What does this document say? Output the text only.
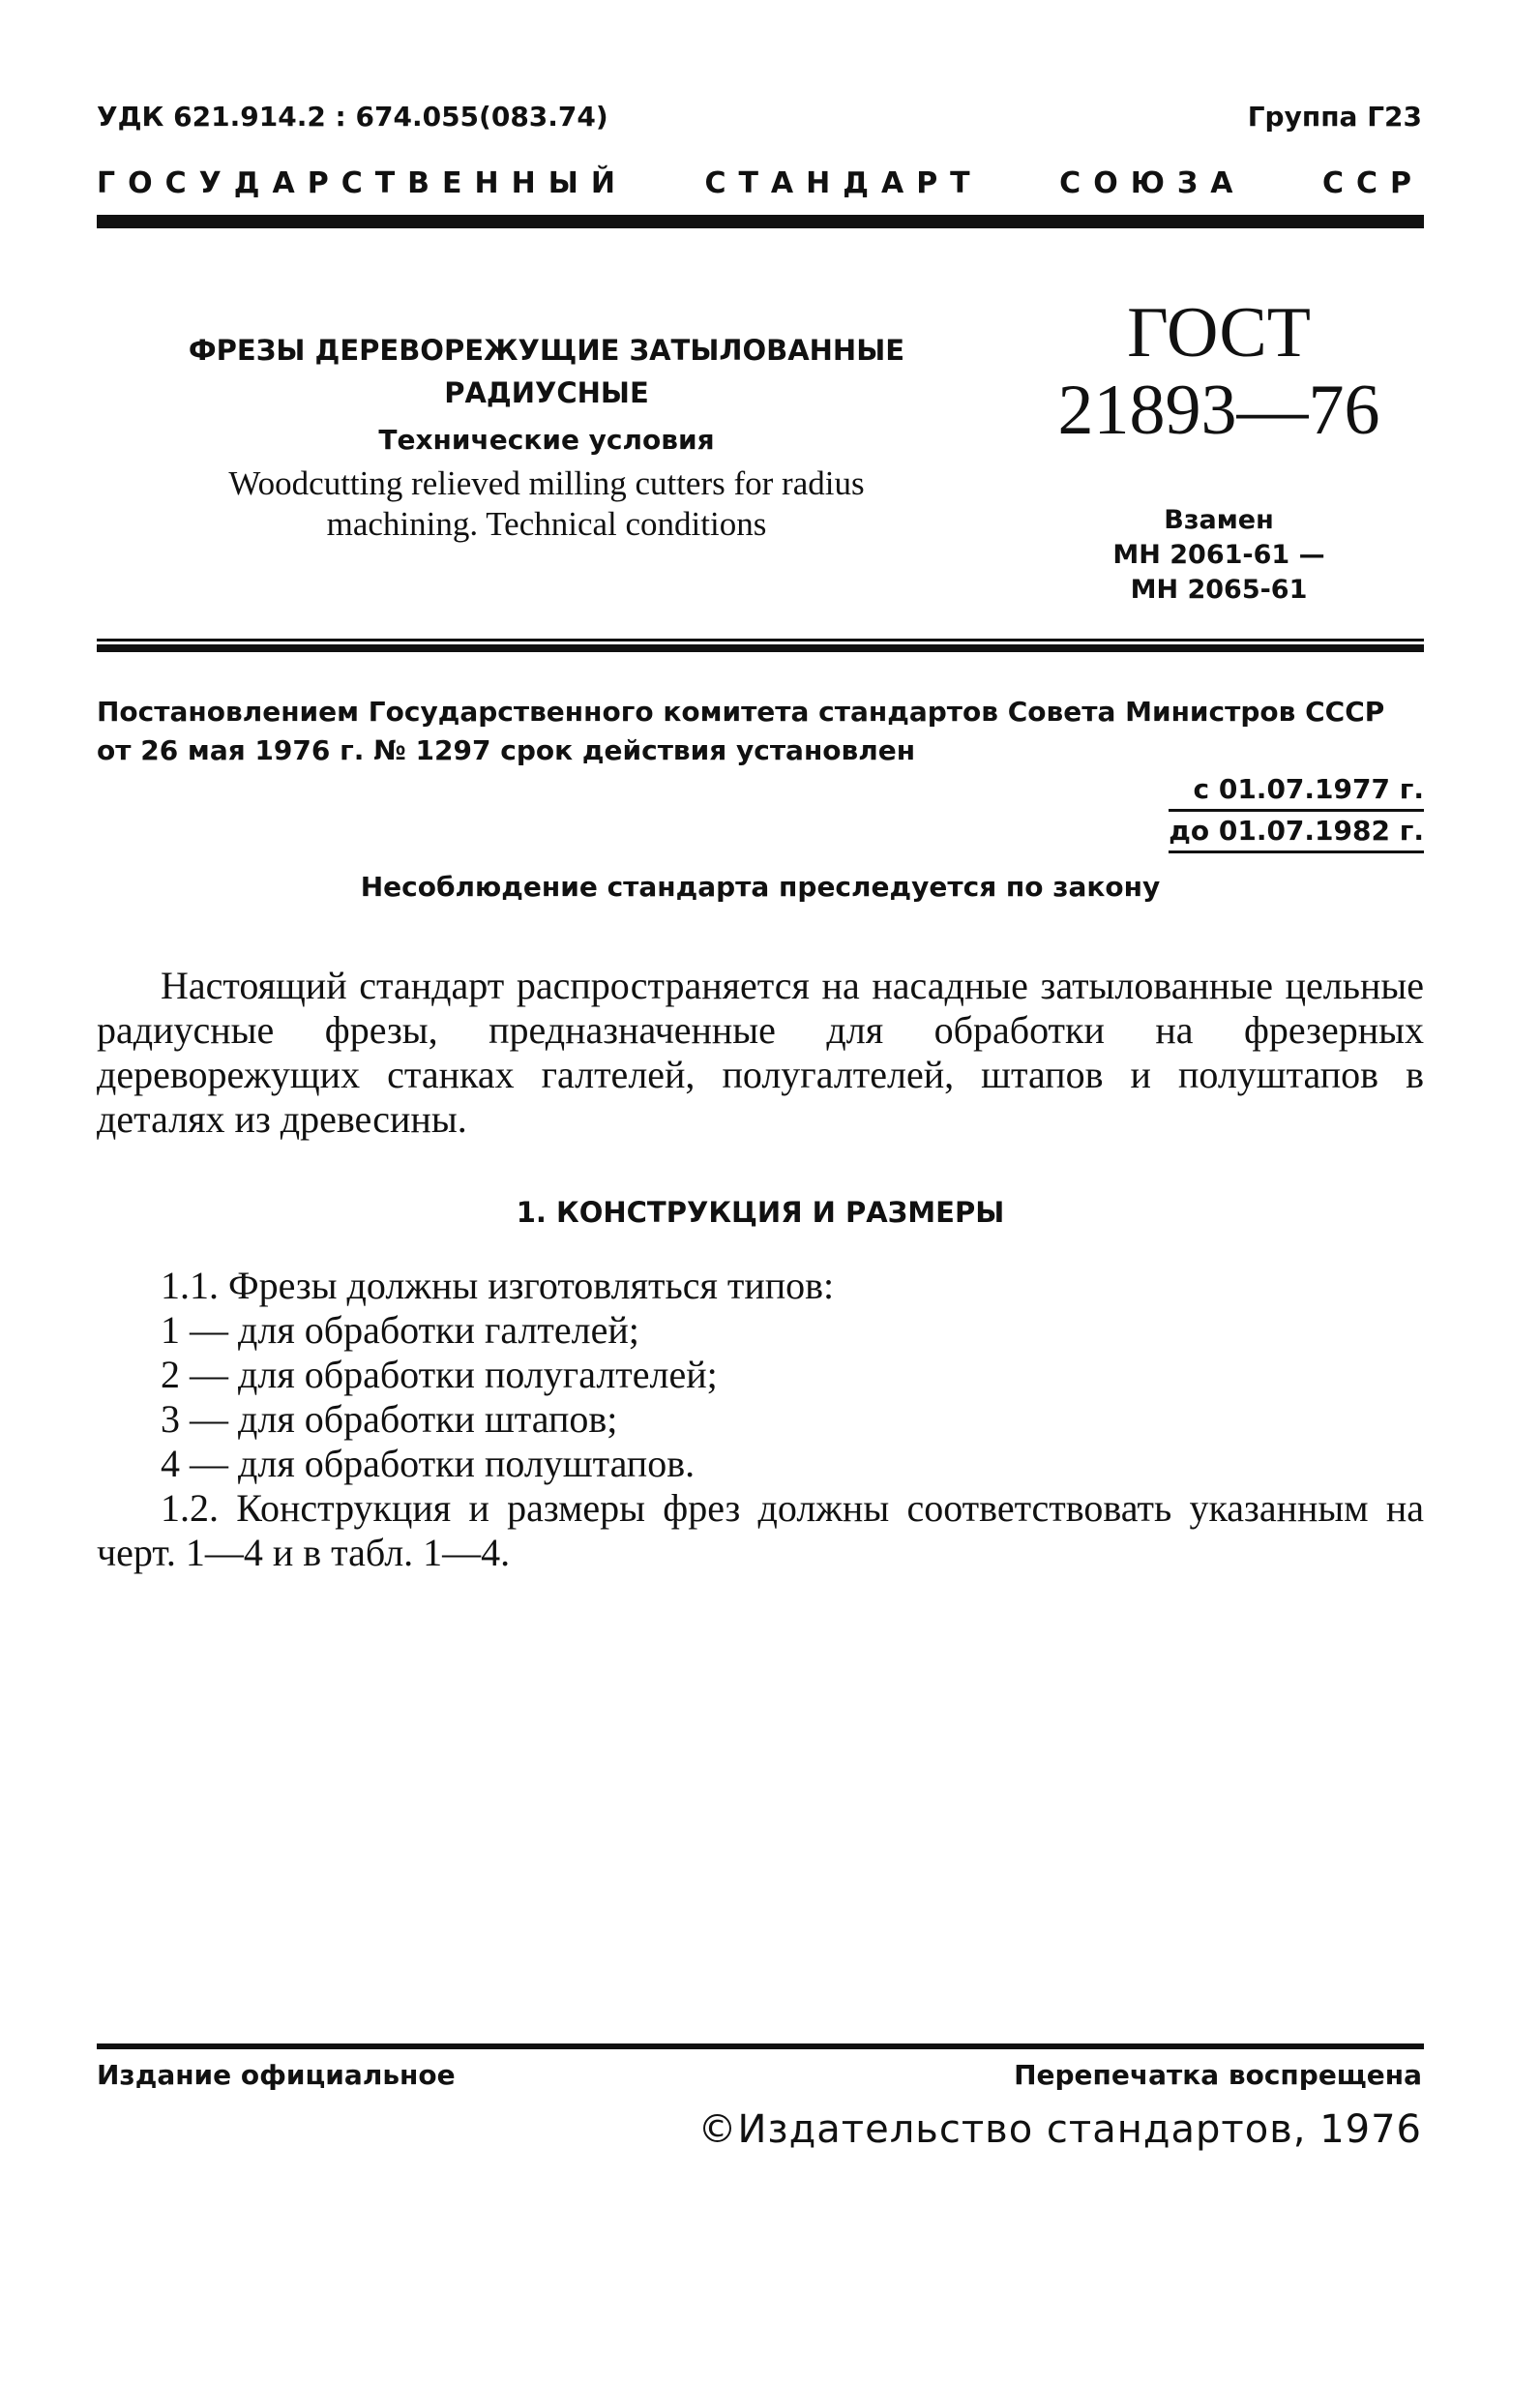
УДК 621.914.2 : 674.055(083.74)	Группа Г23
ГОСУДАРСТВЕННЫЙ	СТАНДАРТ	СОЮЗА	ССР
ФРЕЗЫ ДЕРЕВОРЕЖУЩИЕ ЗАТЫЛОВАННЫЕ
РАДИУСНЫЕ
Технические условия
Woodcutting relieved milling cutters for radius
machining. Technical conditions
ГОСТ
21893—76
Взамен
МН 2061-61 —
МН 2065-61
Постановлением Государственного комитета стандартов Совета Министров СССР от 26 мая 1976 г. № 1297 срок действия установлен
с 01.07.1977 г.
до 01.07.1982 г.
Несоблюдение стандарта преследуется по закону
Настоящий стандарт распространяется на насадные затылованные цельные радиусные фрезы, предназначенные для обработки на фрезерных дереворежущих станках галтелей, полугалтелей, штапов и полуштапов в деталях из древесины.
1. КОНСТРУКЦИЯ И РАЗМЕРЫ
1.1. Фрезы должны изготовляться типов:
1 — для обработки галтелей;
2 — для обработки полугалтелей;
3 — для обработки штапов;
4 — для обработки полуштапов.
1.2. Конструкция и размеры фрез должны соответствовать указанным на черт. 1—4 и в табл. 1—4.
Издание официальное	Перепечатка воспрещена
©Издательство стандартов, 1976
